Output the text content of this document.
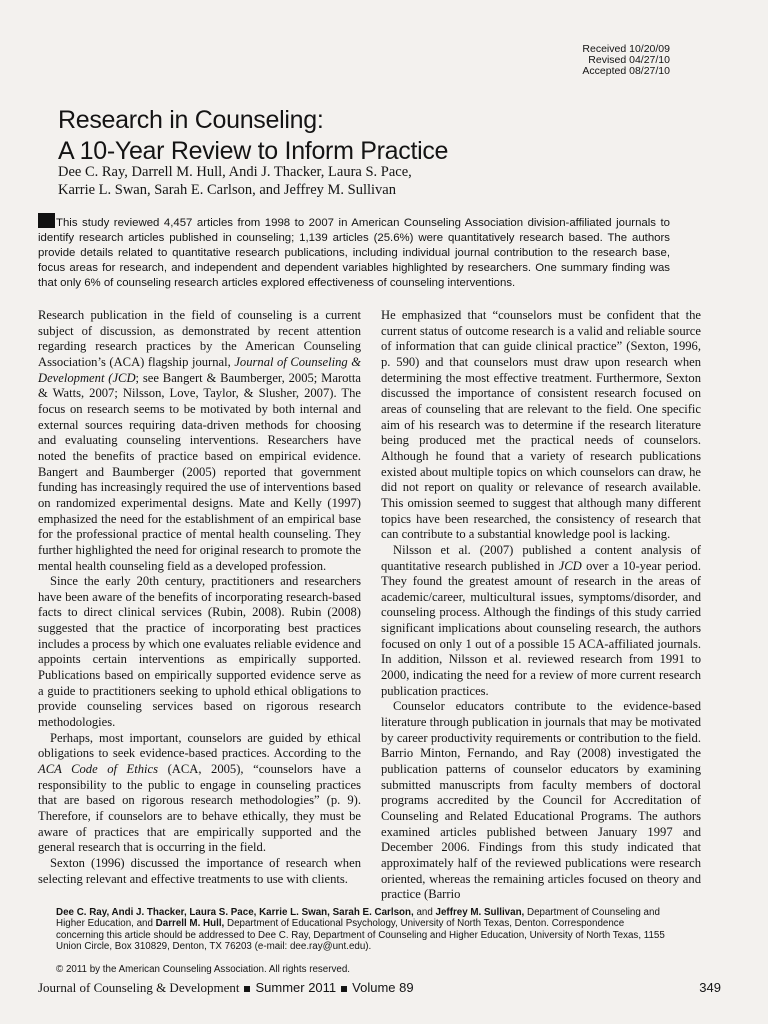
Received 10/20/09
Revised 04/27/10
Accepted 08/27/10
Research in Counseling:
A 10-Year Review to Inform Practice
Dee C. Ray, Darrell M. Hull, Andi J. Thacker, Laura S. Pace,
Karrie L. Swan, Sarah E. Carlson, and Jeffrey M. Sullivan
This study reviewed 4,457 articles from 1998 to 2007 in American Counseling Association division-affiliated journals to identify research articles published in counseling; 1,139 articles (25.6%) were quantitatively research based. The authors provide details related to quantitative research publications, including individual journal contribution to the research base, focus areas for research, and independent and dependent variables highlighted by researchers. One summary finding was that only 6% of counseling research articles explored effectiveness of counseling interventions.

Research publication in the field of counseling is a current subject of discussion, as demonstrated by recent attention regarding research practices by the American Counseling Association’s (ACA) flagship journal, Journal of Counseling & Development (JCD; see Bangert & Baumberger, 2005; Marotta & Watts, 2007; Nilsson, Love, Taylor, & Slusher, 2007). The focus on research seems to be motivated by both internal and external sources requiring data-driven methods for choosing and evaluating counseling interventions. Researchers have noted the benefits of practice based on empirical evidence. Bangert and Baumberger (2005) reported that government funding has increasingly required the use of interventions based on randomized experimental designs. Mate and Kelly (1997) emphasized the need for the establishment of an empirical base for the professional practice of mental health counseling. They further highlighted the need for original research to promote the mental health counseling field as a developed profession.

Since the early 20th century, practitioners and researchers have been aware of the benefits of incorporating research-based facts to direct clinical services (Rubin, 2008). Rubin (2008) suggested that the practice of incorporating best practices includes a process by which one evaluates reliable evidence and appoints certain interventions as empirically supported. Publications based on empirically supported evidence serve as a guide to practitioners seeking to uphold ethical obligations to provide counseling services based on rigorous research methodologies.

Perhaps, most important, counselors are guided by ethical obligations to seek evidence-based practices. According to the ACA Code of Ethics (ACA, 2005), “counselors have a responsibility to the public to engage in counseling practices that are based on rigorous research methodologies” (p. 9). Therefore, if counselors are to behave ethically, they must be aware of practices that are empirically supported and the general research that is occurring in the field.

Sexton (1996) discussed the importance of research when selecting relevant and effective treatments to use with clients.

He emphasized that “counselors must be confident that the current status of outcome research is a valid and reliable source of information that can guide clinical practice” (Sexton, 1996, p. 590) and that counselors must draw upon research when determining the most effective treatment. Furthermore, Sexton discussed the importance of consistent research focused on areas of counseling that are relevant to the field. One specific aim of his research was to determine if the research literature being produced met the practical needs of counselors. Although he found that a variety of research publications existed about multiple topics on which counselors can draw, he did not report on quality or relevance of research available. This omission seemed to suggest that although many different topics have been researched, the consistency of research that can contribute to a substantial knowledge pool is lacking.

Nilsson et al. (2007) published a content analysis of quantitative research published in JCD over a 10-year period. They found the greatest amount of research in the areas of academic/career, multicultural issues, symptoms/disorder, and counseling process. Although the findings of this study carried significant implications about counseling research, the authors focused on only 1 out of a possible 15 ACA-affiliated journals. In addition, Nilsson et al. reviewed research from 1991 to 2000, indicating the need for a review of more current research publication practices.

Counselor educators contribute to the evidence-based literature through publication in journals that may be motivated by career productivity requirements or contribution to the field. Barrio Minton, Fernando, and Ray (2008) investigated the publication patterns of counselor educators by examining submitted manuscripts from faculty members of doctoral programs accredited by the Council for Accreditation of Counseling and Related Educational Programs. The authors examined articles published between January 1997 and December 2006. Findings from this study indicated that approximately half of the reviewed publications were research oriented, whereas the remaining articles focused on theory and practice (Barrio

Dee C. Ray, Andi J. Thacker, Laura S. Pace, Karrie L. Swan, Sarah E. Carlson, and Jeffrey M. Sullivan, Department of Counseling and Higher Education, and Darrell M. Hull, Department of Educational Psychology, University of North Texas, Denton. Correspondence concerning this article should be addressed to Dee C. Ray, Department of Counseling and Higher Education, University of North Texas, 1155 Union Circle, Box 310829, Denton, TX 76203 (e-mail: dee.ray@unt.edu).
© 2011 by the American Counseling Association. All rights reserved.
Journal of Counseling & Development Summer 2011 Volume 89	349
